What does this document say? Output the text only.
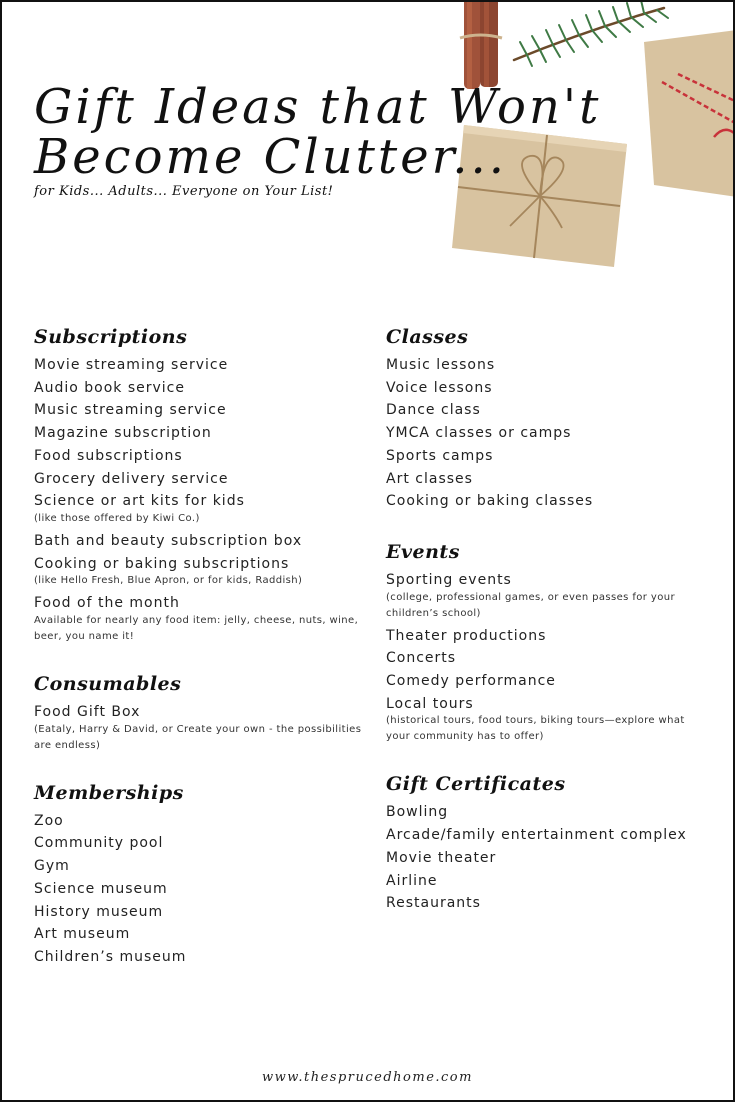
Gift Ideas that Won't
Become Clutter...

for Kids... Adults... Everyone on Your List!

Subscriptions
Movie streaming service
Audio book service
Music streaming service
Magazine subscription
Food subscriptions
Grocery delivery service
Science or art kits for kids
(like those offered by Kiwi Co.)
Bath and beauty subscription box
Cooking or baking subscriptions
(like Hello Fresh, Blue Apron, or for kids, Raddish)
Food of the month
Available for nearly any food item: jelly, cheese, nuts, wine, beer, you name it!
Consumables
Food Gift Box
(Eataly, Harry & David, or Create your own - the possibilities are endless)
Memberships
Zoo
Community pool
Gym
Science museum
History museum
Art museum
Children’s museum
Classes
Music lessons
Voice lessons
Dance class
YMCA classes or camps
Sports camps
Art classes
Cooking or baking classes
Events
Sporting events
(college, professional games, or even passes for your children’s school)
Theater productions
Concerts
Comedy performance
Local tours
(historical tours, food tours, biking tours—explore what your community has to offer)
Gift Certificates
Bowling
Arcade/family entertainment complex
Movie theater
Airline
Restaurants
www.thesprucedhome.com
